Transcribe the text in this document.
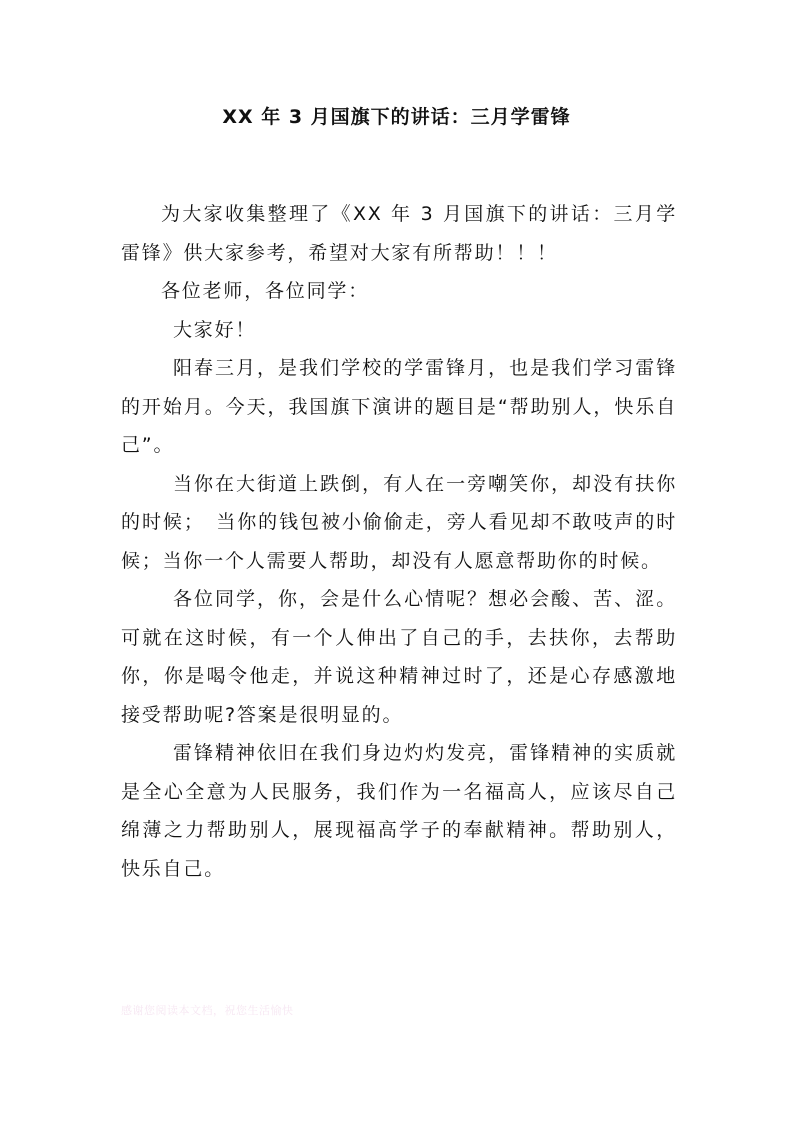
XX 年 3 月国旗下的讲话：三月学雷锋

为大家收集整理了《XX 年 3 月国旗下的讲话：三月学雷锋》供大家参考，希望对大家有所帮助！！！

各位老师，各位同学：

大家好！

阳春三月，是我们学校的学雷锋月，也是我们学习雷锋的开始月。今天，我国旗下演讲的题目是“帮助别人，快乐自己”。

当你在大街道上跌倒，有人在一旁嘲笑你，却没有扶你的时候；　当你的钱包被小偷偷走，旁人看见却不敢吱声的时候；当你一个人需要人帮助，却没有人愿意帮助你的时候。

各位同学，你，会是什么心情呢？想必会酸、苦、涩。可就在这时候，有一个人伸出了自己的手，去扶你，去帮助你，你是喝令他走，并说这种精神过时了，还是心存感激地接受帮助呢?答案是很明显的。

雷锋精神依旧在我们身边灼灼发亮，雷锋精神的实质就是全心全意为人民服务，我们作为一名福高人，应该尽自己绵薄之力帮助别人，展现福高学子的奉献精神。帮助别人，快乐自己。

感谢您阅读本文档，祝您生活愉快
